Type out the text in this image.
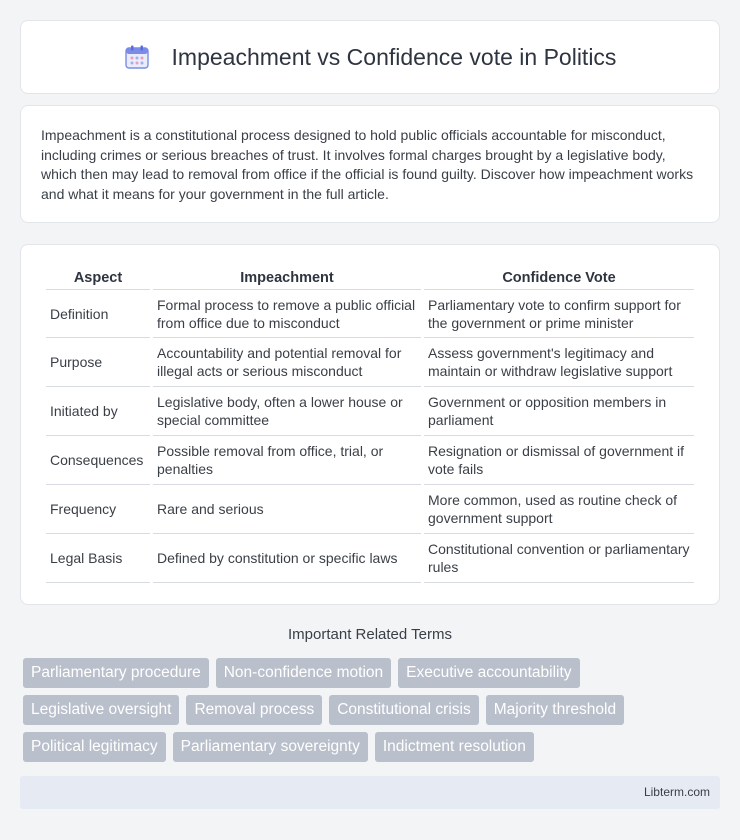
Impeachment vs Confidence vote in Politics

Impeachment is a constitutional process designed to hold public officials accountable for misconduct, including crimes or serious breaches of trust. It involves formal charges brought by a legislative body, which then may lead to removal from office if the official is found guilty. Discover how impeachment works and what it means for your government in the full article.

Aspect	Impeachment	Confidence Vote
Definition	Formal process to remove a public official from office due to misconduct	Parliamentary vote to confirm support for the government or prime minister
Purpose	Accountability and potential removal for illegal acts or serious misconduct	Assess government's legitimacy and maintain or withdraw legislative support
Initiated by	Legislative body, often a lower house or special committee	Government or opposition members in parliament
Consequences	Possible removal from office, trial, or penalties	Resignation or dismissal of government if vote fails
Frequency	Rare and serious	More common, used as routine check of government support
Legal Basis	Defined by constitution or specific laws	Constitutional convention or parliamentary rules
Important Related Terms
Parliamentary procedure	Non-confidence motion	Executive accountability
Legislative oversight	Removal process	Constitutional crisis	Majority threshold
Political legitimacy	Parliamentary sovereignty	Indictment resolution
Libterm.com
